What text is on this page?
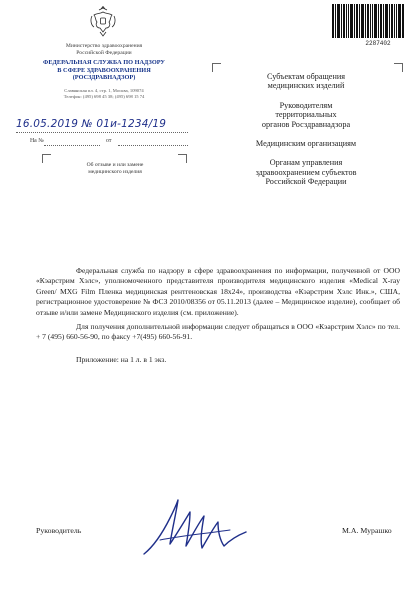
Министерство здравоохранения
Российской Федерации
ФЕДЕРАЛЬНАЯ СЛУЖБА ПО НАДЗОРУ
В СФЕРЕ ЗДРАВООХРАНЕНИЯ
(РОСЗДРАВНАДЗОР)
Славянская пл. 4, стр. 1, Москва, 109074
Телефон: (495) 698 45 38; (495) 698 15 74
2287402
16.05.2019 № 01и-1234/19
На №	от
Об отзыве и или замене
медицинского изделия
Субъектам обращения
медицинских изделий
Руководителям
территориальных
органов Росздравнадзора
Медицинским организациям
Органам управления
здравоохранением субъектов
Российской Федерации

Федеральная служба по надзору в сфере здравоохранения по информации, полученной от ООО «Кэарстрим Хэлс», уполномоченного представителя производителя медицинского изделия «Medical X-ray Green/ MXG Film Пленка медицинская рентгеновская 18х24», производства «Кэарстрим Хэлс Инк.», США, регистрационное удостоверение № ФСЗ 2010/08356 от 05.11.2013 (далее – Медицинское изделие), сообщает об отзыве и/или замене Медицинского изделия (см. приложение).

Для получения дополнительной информации следует обращаться в ООО «Кэарстрим Хэлс» по тел. + 7 (495) 660-56-90, по факсу +7(495) 660-56-91.

Приложение: на 1 л. в 1 экз.

Руководитель	М.А. Мурашко
